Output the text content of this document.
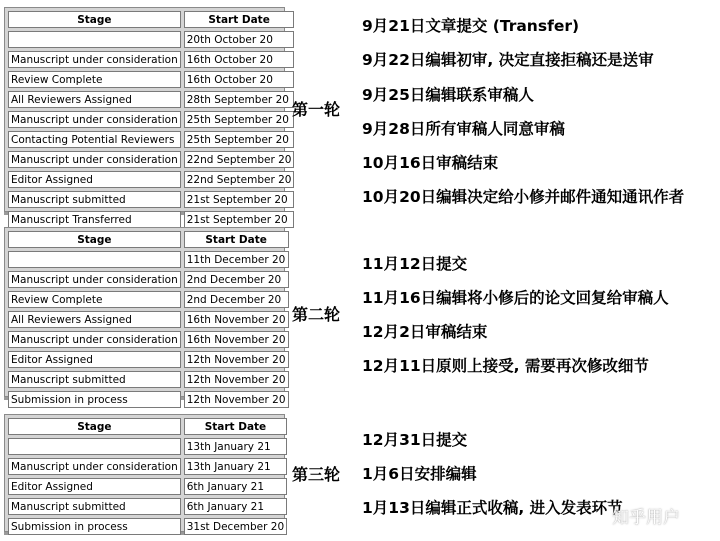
Stage	Start Date
	20th October 20
Manuscript under consideration	16th October 20
Review Complete	16th October 20
All Reviewers Assigned	28th September 20
Manuscript under consideration	25th September 20
Contacting Potential Reviewers	25th September 20
Manuscript under consideration	22nd September 20
Editor Assigned	22nd September 20
Manuscript submitted	21st September 20
Manuscript Transferred	21st September 20
第一轮
Stage	Start Date
	11th December 20
Manuscript under consideration	2nd December 20
Review Complete	2nd December 20
All Reviewers Assigned	16th November 20
Manuscript under consideration	16th November 20
Editor Assigned	12th November 20
Manuscript submitted	12th November 20
Submission in process	12th November 20
第二轮
Stage	Start Date
	13th January 21
Manuscript under consideration	13th January 21
Editor Assigned	6th January 21
Manuscript submitted	6th January 21
Submission in process	31st December 20
第三轮
9月21日文章提交 (Transfer)
9月22日编辑初审, 决定直接拒稿还是送审
9月25日编辑联系审稿人
9月28日所有审稿人同意审稿
10月16日审稿结束
10月20日编辑决定给小修并邮件通知通讯作者
11月12日提交
11月16日编辑将小修后的论文回复给审稿人
12月2日审稿结束
12月11日原则上接受, 需要再次修改细节
12月31日提交
1月6日安排编辑
1月13日编辑正式收稿, 进入发表环节
知乎用户
